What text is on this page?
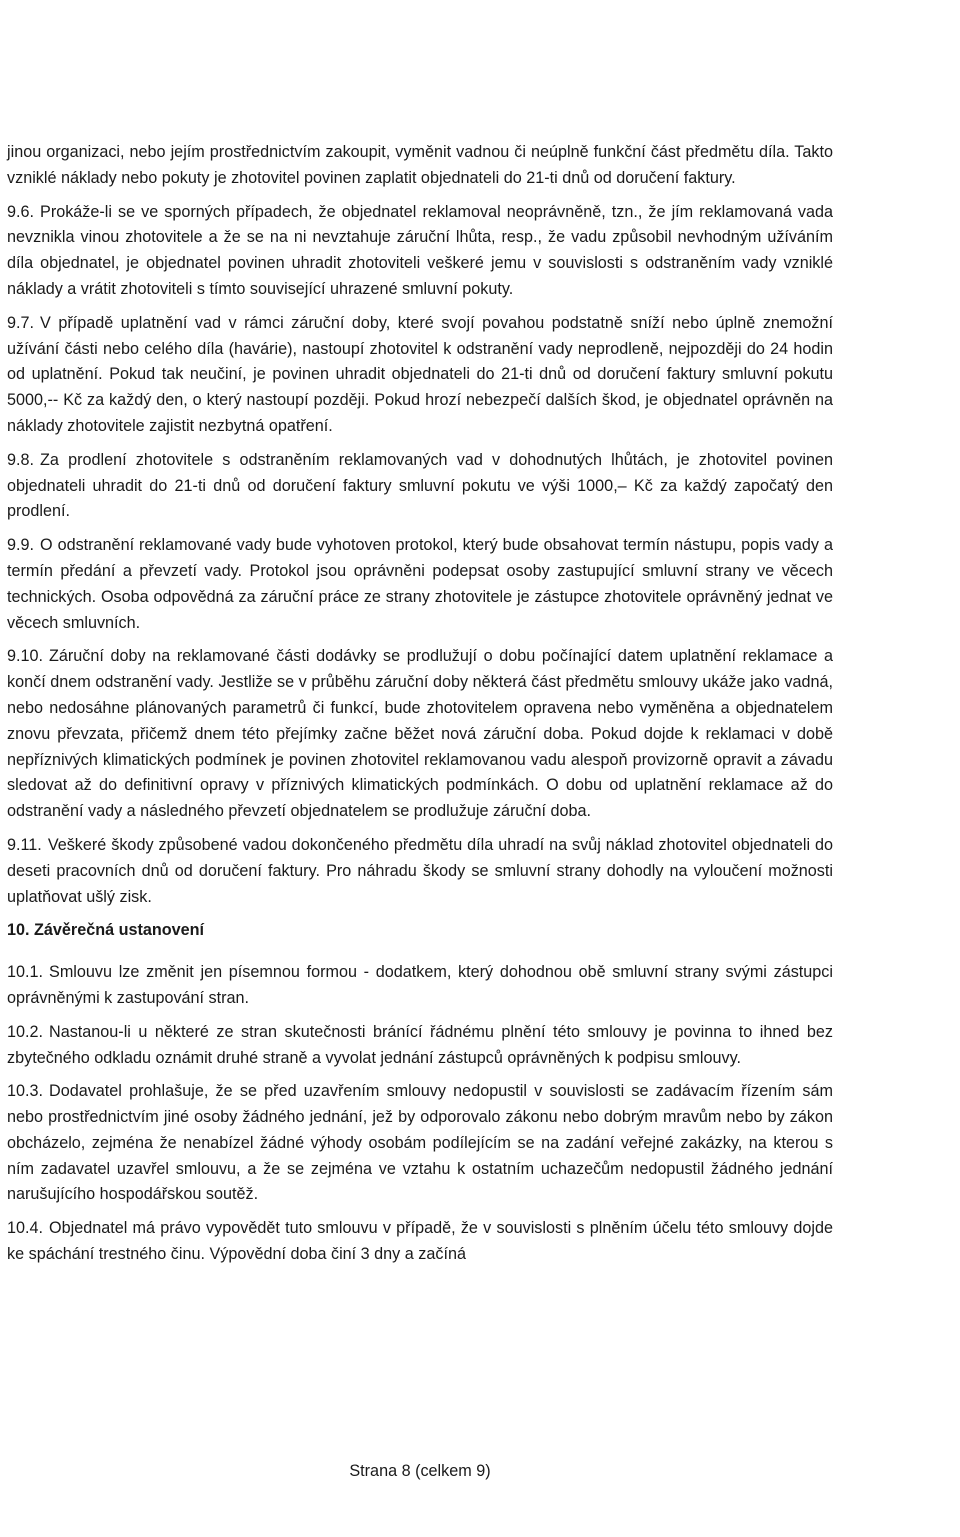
jinou organizaci, nebo jejím prostřednictvím zakoupit, vyměnit vadnou či neúplně funkční část předmětu díla. Takto vzniklé náklady nebo pokuty je zhotovitel povinen zaplatit objednateli do 21-ti dnů od doručení faktury.

9.6. Prokáže-li se ve sporných případech, že objednatel reklamoval neoprávněně, tzn., že jím reklamovaná vada nevznikla vinou zhotovitele a že se na ni nevztahuje záruční lhůta, resp., že vadu způsobil nevhodným užíváním díla objednatel, je objednatel povinen uhradit zhotoviteli veškeré jemu v souvislosti s odstraněním vady vzniklé náklady a vrátit zhotoviteli s tímto související uhrazené smluvní pokuty.

9.7. V případě uplatnění vad v rámci záruční doby, které svojí povahou podstatně sníží nebo úplně znemožní užívání části nebo celého díla (havárie), nastoupí zhotovitel k odstranění vady neprodleně, nejpozději do 24 hodin od uplatnění. Pokud tak neučiní, je povinen uhradit objednateli do 21-ti dnů od doručení faktury smluvní pokutu 5000,-- Kč za každý den, o který nastoupí později. Pokud hrozí nebezpečí dalších škod, je objednatel oprávněn na náklady zhotovitele zajistit nezbytná opatření.

9.8. Za prodlení zhotovitele s odstraněním reklamovaných vad v dohodnutých lhůtách, je zhotovitel povinen objednateli uhradit do 21-ti dnů od doručení faktury smluvní pokutu ve výši 1000,– Kč za každý započatý den prodlení.

9.9. O odstranění reklamované vady bude vyhotoven protokol, který bude obsahovat termín nástupu, popis vady a termín předání a převzetí vady. Protokol jsou oprávněni podepsat osoby zastupující smluvní strany ve věcech technických. Osoba odpovědná za záruční práce ze strany zhotovitele je zástupce zhotovitele oprávněný jednat ve věcech smluvních.

9.10. Záruční doby na reklamované části dodávky se prodlužují o dobu počínající datem uplatnění reklamace a končí dnem odstranění vady. Jestliže se v průběhu záruční doby některá část předmětu smlouvy ukáže jako vadná, nebo nedosáhne plánovaných parametrů či funkcí, bude zhotovitelem opravena nebo vyměněna a objednatelem znovu převzata, přičemž dnem této přejímky začne běžet nová záruční doba. Pokud dojde k reklamaci v době nepříznivých klimatických podmínek je povinen zhotovitel reklamovanou vadu alespoň provizorně opravit a závadu sledovat až do definitivní opravy v příznivých klimatických podmínkách. O dobu od uplatnění reklamace až do odstranění vady a následného převzetí objednatelem se prodlužuje záruční doba.

9.11. Veškeré škody způsobené vadou dokončeného předmětu díla uhradí na svůj náklad zhotovitel objednateli do deseti pracovních dnů od doručení faktury. Pro náhradu škody se smluvní strany dohodly na vyloučení možnosti uplatňovat ušlý zisk.

10. Závěrečná ustanovení

10.1. Smlouvu lze změnit jen písemnou formou - dodatkem, který dohodnou obě smluvní strany svými zástupci oprávněnými k zastupování stran.

10.2. Nastanou-li u některé ze stran skutečnosti bránící řádnému plnění této smlouvy je povinna to ihned bez zbytečného odkladu oznámit druhé straně a vyvolat jednání zástupců oprávněných k podpisu smlouvy.

10.3. Dodavatel prohlašuje, že se před uzavřením smlouvy nedopustil v souvislosti se zadávacím řízením sám nebo prostřednictvím jiné osoby žádného jednání, jež by odporovalo zákonu nebo dobrým mravům nebo by zákon obcházelo, zejména že nenabízel žádné výhody osobám podílejícím se na zadání veřejné zakázky, na kterou s ním zadavatel uzavřel smlouvu, a že se zejména ve vztahu k ostatním uchazečům nedopustil žádného jednání narušujícího hospodářskou soutěž.

10.4. Objednatel má právo vypovědět tuto smlouvu v případě, že v souvislosti s plněním účelu této smlouvy dojde ke spáchání trestného činu. Výpovědní doba činí 3 dny a začíná

Strana 8 (celkem 9)
